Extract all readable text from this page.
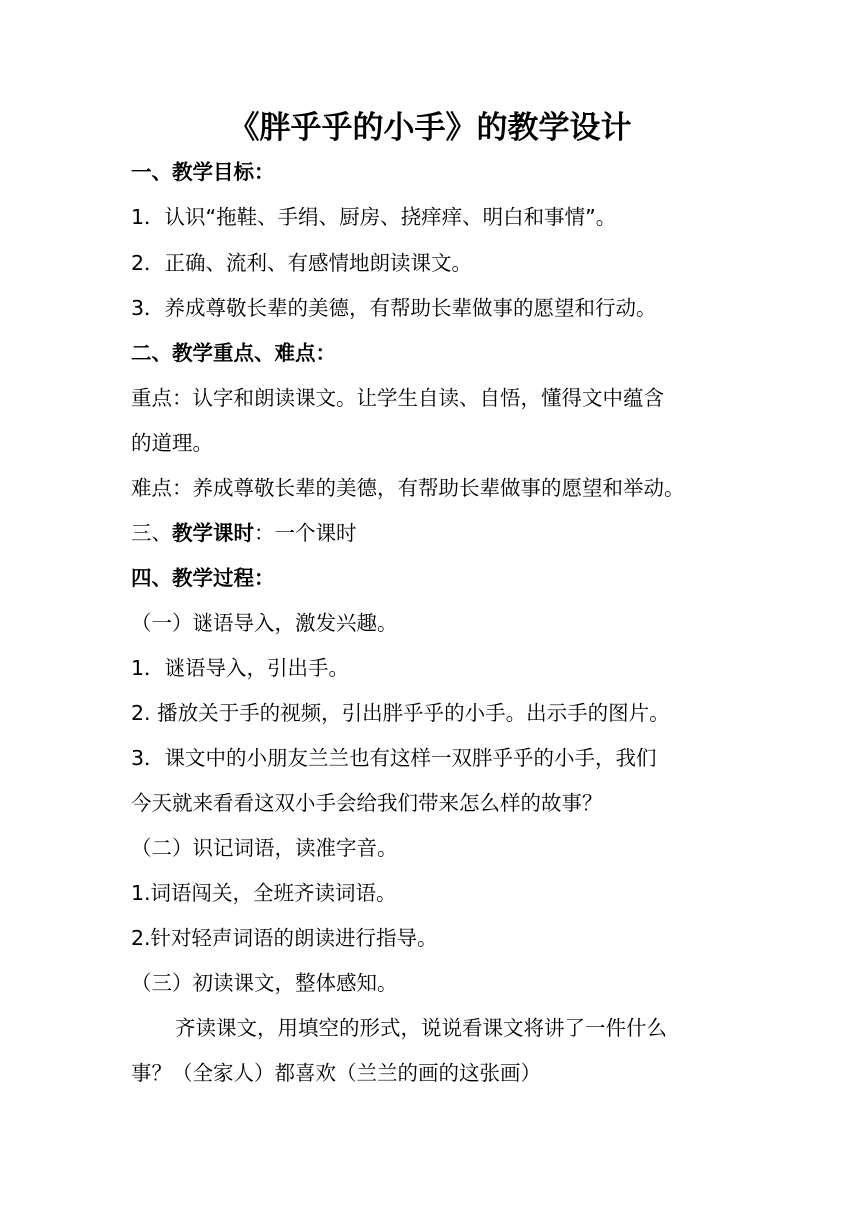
《胖乎乎的小手》的教学设计
一、教学目标：
1．认识“拖鞋、手绢、厨房、挠痒痒、明白和事情”。
2．正确、流利、有感情地朗读课文。
3．养成尊敬长辈的美德，有帮助长辈做事的愿望和行动。
二、教学重点、难点：
重点：认字和朗读课文。让学生自读、自悟，懂得文中蕴含
的道理。
难点：养成尊敬长辈的美德，有帮助长辈做事的愿望和举动。
三、 教学课时 ：一个课时
四、教学过程：
（一）谜语导入，激发兴趣。
1．谜语导入，引出手。
2. 播放关于手的视频，引出胖乎乎的小手。出示手的图片。
3．课文中的小朋友兰兰也有这样一双胖乎乎的小手，我们
今天就来看看这双小手会给我们带来怎么样的故事？
（二）识记词语，读准字音。
1.词语闯关，全班齐读词语。
2.针对轻声词语的朗读进行指导。
（三）初读课文，整体感知。
齐读课文，用填空的形式，说说看课文将讲了一件什么
事？（全家人）都喜欢（兰兰的画的这张画）
